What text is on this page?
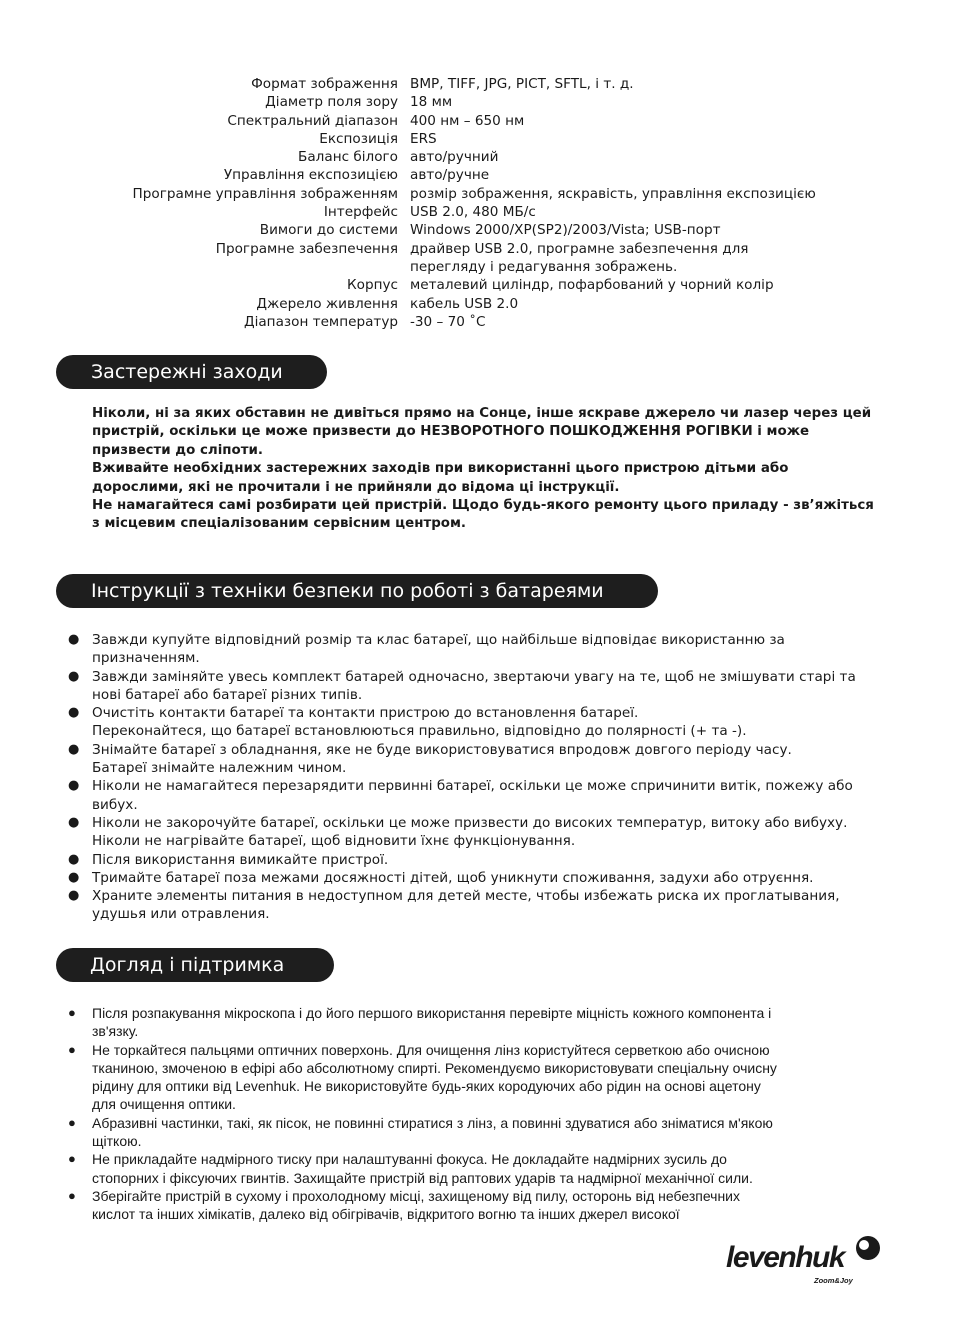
Формат зображення BMP, TIFF, JPG, PICT, SFTL, і т. д.
Діаметр поля зору 18 мм
Спектральний діапазон 400 нм – 650 нм
Експозиція ERS
Баланс білого авто/ручний
Управління експозицією авто/ручне
Програмне управління зображенням розмір зображення, яскравість, управління експозицією
Інтерфейс USB 2.0, 480 МБ/с
Вимоги до системи Windows 2000/XP(SP2)/2003/Vista; USB-порт
Програмне забезпечення драйвер USB 2.0, програмне забезпечення для
перегляду і редагування зображень.
Корпус металевий циліндр, пофарбований у чорний колір
Джерело живлення кабель USB 2.0
Діапазон температур -30 – 70 ˚C
Застережні заходи

Ніколи, ні за яких обставин не дивіться прямо на Сонце, інше яскраве джерело чи лазер через цей пристрій, оскільки це може призвести до НЕЗВОРОТНОГО ПОШКОДЖЕННЯ РОГІВКИ і може призвести до сліпоти.

Вживайте необхідних застережних заходів при використанні цього пристрою дітьми або дорослими, які не прочитали і не прийняли до відома ці інструкції.

Не намагайтеся самі розбирати цей пристрій. Щодо будь-якого ремонту цього приладу - зв’яжіться з місцевим спеціалізованим сервісним центром.

Інструкції з техніки безпеки по роботі з батареями
● Завжди купуйте відповідний розмір та клас батареї, що найбільше відповідає використанню за
призначенням.
● Завжди заміняйте увесь комплект батарей одночасно, звертаючи увагу на те, щоб не змішувати старі та
нові батареї або батареї різних типів.
● Очистіть контакти батареї та контакти пристрою до встановлення батареї.
Переконайтеся, що батареї встановлюються правильно, відповідно до полярності (+ та -).
● Знімайте батареї з обладнання, яке не буде використовуватися впродовж довгого періоду часу.
Батареї знімайте належним чином.
● Ніколи не намагайтеся перезарядити первинні батареї, оскільки це може спричинити витік, пожежу або
вибух.
● Ніколи не закорочуйте батареї, оскільки це може призвести до високих температур, витоку або вибуху.
Ніколи не нагрівайте батареї, щоб відновити їхнє функціонування.
● Після використання вимикайте пристрої.
● Тримайте батареї поза межами досяжності дітей, щоб уникнути споживання, задухи або отруєння.
● Храните элементы питания в недоступном для детей месте, чтобы избежать риска их проглатывания,
удушья или отравления.
Догляд і підтримка
● Після розпакування мікроскопа і до його першого використання перевірте міцність кожного компонента і
зв'язку.
● Не торкайтеся пальцями оптичних поверхонь. Для очищення лінз користуйтеся серветкою або очисною
тканиною, змоченою в ефірі або абсолютному спирті. Рекомендуємо використовувати спеціальну очисну
рідину для оптики від Levenhuk. Не використовуйте будь-яких кородуючих або рідин на основі ацетону
для очищення оптики.
● Абразивні частинки, такі, як пісок, не повинні стиратися з лінз, а повинні здуватися або зніматися м'якою
щіткою.
● Не прикладайте надмірного тиску при налаштуванні фокуса. Не докладайте надмірних зусиль до
стопорних і фіксуючих гвинтів. Захищайте пристрій від раптових ударів та надмірної механічної сили.
● Зберігайте пристрій в сухому і прохолодному місці, захищеному від пилу, осторонь від небезпечних
кислот та інших хімікатів, далеко від обігрівачів, відкритого вогню та інших джерел високої
levenhuk
Zoom&Joy
